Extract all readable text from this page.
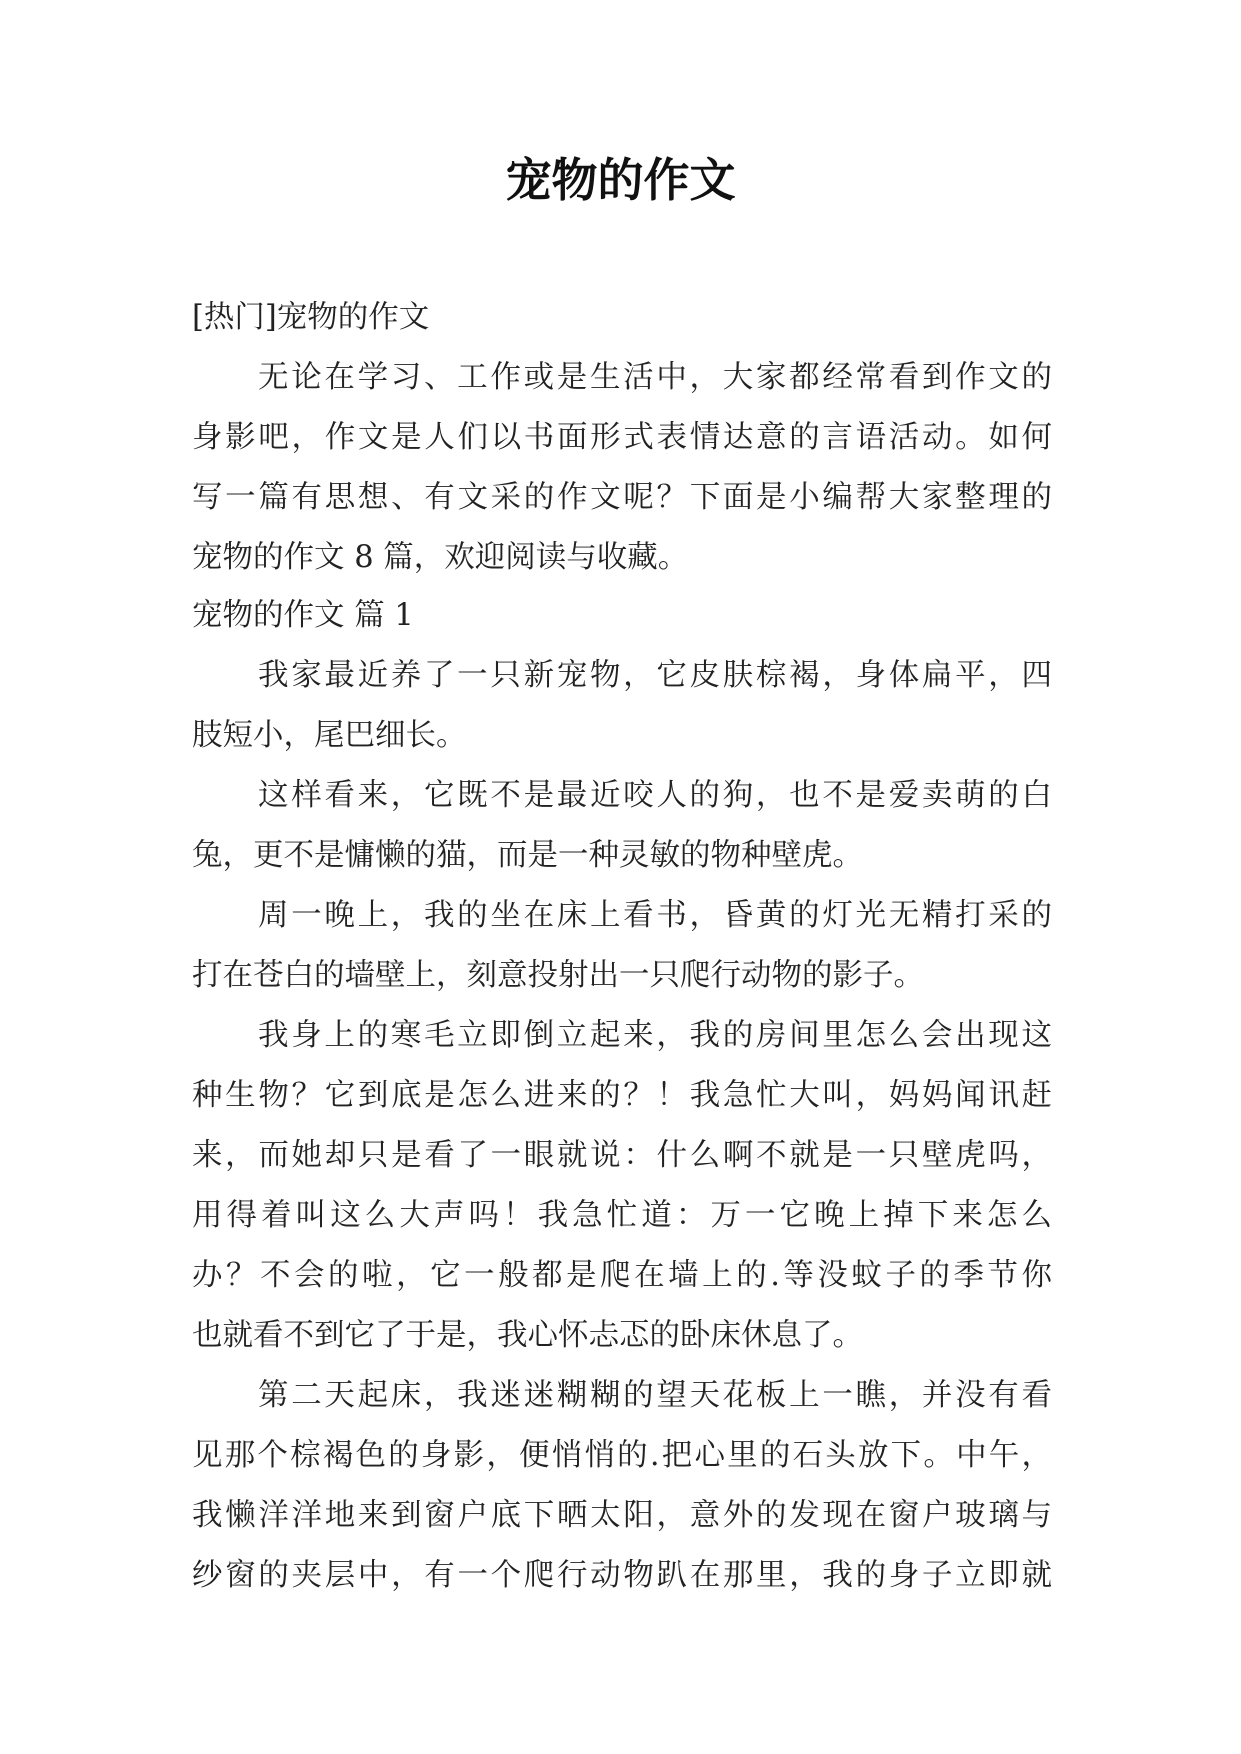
宠物的作文

[热门]宠物的作文

无论在学习、工作或是生活中，大家都经常看到作文的

身影吧，作文是人们以书面形式表情达意的言语活动。如何

写一篇有思想、有文采的作文呢？下面是小编帮大家整理的

宠物的作文 8 篇，欢迎阅读与收藏。

宠物的作文 篇 1

我家最近养了一只新宠物，它皮肤棕褐，身体扁平，四

肢短小，尾巴细长。

这样看来，它既不是最近咬人的狗，也不是爱卖萌的白

兔，更不是慵懒的猫，而是一种灵敏的物种壁虎。

周一晚上，我的坐在床上看书，昏黄的灯光无精打采的

打在苍白的墙壁上，刻意投射出一只爬行动物的影子。

我身上的寒毛立即倒立起来，我的房间里怎么会出现这

种生物？它到底是怎么进来的？！我急忙大叫，妈妈闻讯赶

来，而她却只是看了一眼就说：什么啊不就是一只壁虎吗，

用得着叫这么大声吗！我急忙道：万一它晚上掉下来怎么

办？不会的啦，它一般都是爬在墙上的.等没蚊子的季节你

也就看不到它了于是，我心怀忐忑的卧床休息了。

第二天起床，我迷迷糊糊的望天花板上一瞧，并没有看

见那个棕褐色的身影，便悄悄的.把心里的石头放下。中午，

我懒洋洋地来到窗户底下晒太阳，意外的发现在窗户玻璃与

纱窗的夹层中，有一个爬行动物趴在那里，我的身子立即就
